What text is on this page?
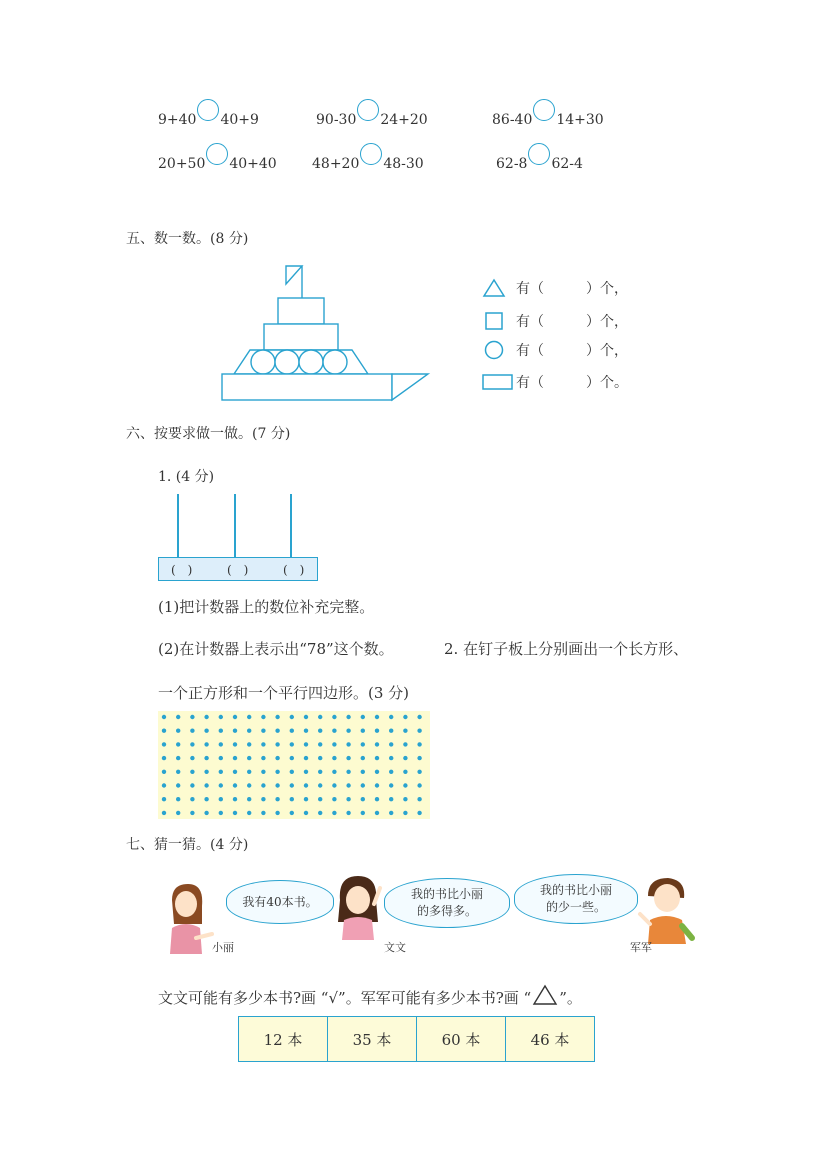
9+40 40+9	90-30 24+20	86-40 14+30
20+50 40+40	48+20 48-30	62-8 62-4
五、数一数。(8 分)
有（　　　）个，
有（　　　）个，
有（　　　）个，
有（　　　）个。
六、按要求做一做。(7 分)
1. (4 分)
(　)	(　)	(　)
(1)把计数器上的数位补充完整。
(2)在计数器上表示出“78”这个数。	2. 在钉子板上分别画出一个长方形、
一个正方形和一个平行四边形。(3 分)
七、猜一猜。(4 分)
小丽
我有40本书。
文文
我的书比小丽的多得多。
我的书比小丽的少一些。
军军
文文可能有多少本书?画 “√”。军军可能有多少本书?画 “ ”。
12 本	35 本	60 本	46 本
